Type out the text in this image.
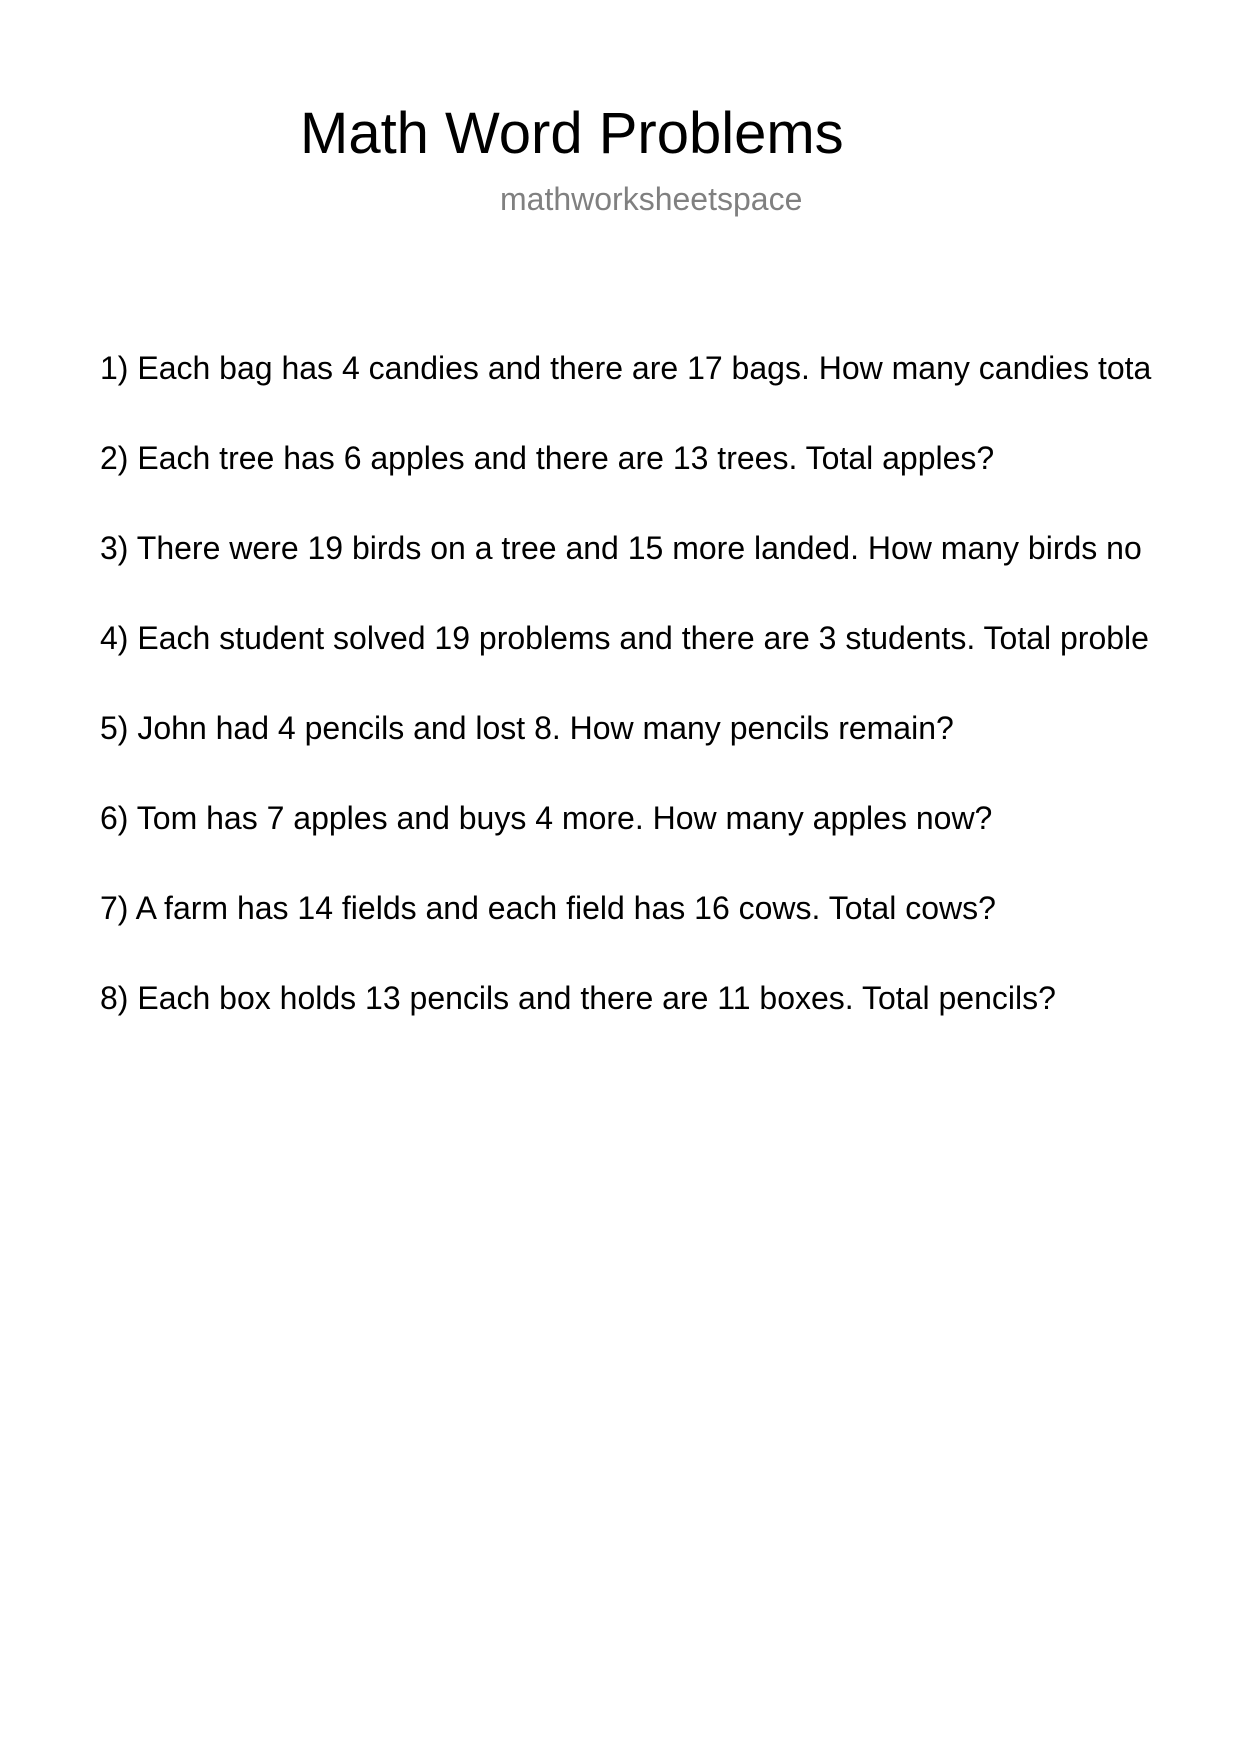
Math Word Problems
mathworksheetspace
1) Each bag has 4 candies and there are 17 bags. How many candies tota
2) Each tree has 6 apples and there are 13 trees. Total apples?
3) There were 19 birds on a tree and 15 more landed. How many birds no
4) Each student solved 19 problems and there are 3 students. Total proble
5) John had 4 pencils and lost 8. How many pencils remain?
6) Tom has 7 apples and buys 4 more. How many apples now?
7) A farm has 14 fields and each field has 16 cows. Total cows?
8) Each box holds 13 pencils and there are 11 boxes. Total pencils?
